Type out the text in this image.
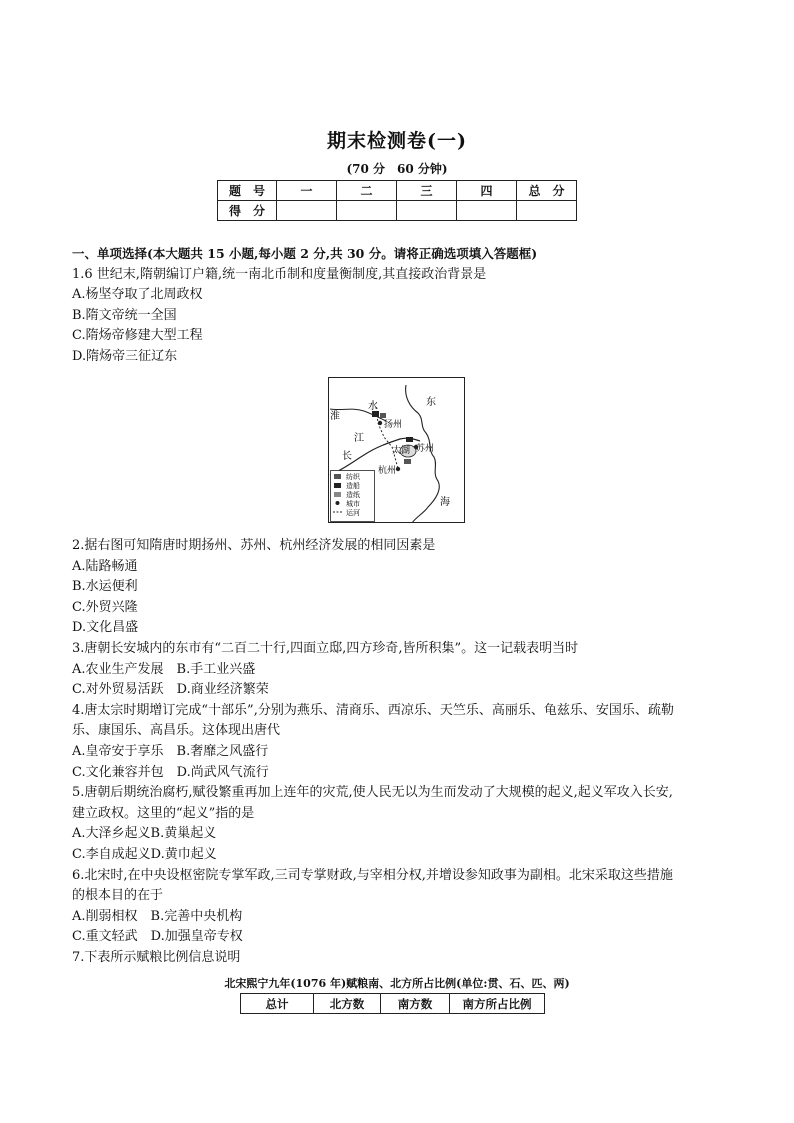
期末检测卷(一)
(70 分　60 分钟)
题　号	一	二	三	四	总　分
得　分					
一、单项选择(本大题共 15 小题,每小题 2 分,共 30 分。请将正确选项填入答题框)
1.6 世纪末,隋朝编订户籍,统一南北币制和度量衡制度,其直接政治背景是
A.杨坚夺取了北周政权
B.隋文帝统一全国
C.隋炀帝修建大型工程
D.隋炀帝三征辽东
淮
水	东
扬州
江
长	太湖 苏州
杭州
海
纺织
造船
造纸
城市
运河
2.据右图可知隋唐时期扬州、苏州、杭州经济发展的相同因素是
A.陆路畅通
B.水运便利
C.外贸兴隆
D.文化昌盛
3.唐朝长安城内的东市有“二百二十行,四面立邸,四方珍奇,皆所积集”。这一记载表明当时
A.农业生产发展　B.手工业兴盛
C.对外贸易活跃　D.商业经济繁荣
4.唐太宗时期增订完成“十部乐”,分别为燕乐、清商乐、西凉乐、天竺乐、高丽乐、龟兹乐、安国乐、疏勒
乐、康国乐、高昌乐。这体现出唐代
A.皇帝安于享乐　B.奢靡之风盛行
C.文化兼容并包　D.尚武风气流行
5.唐朝后期统治腐朽,赋役繁重再加上连年的灾荒,使人民无以为生而发动了大规模的起义,起义军攻入长安,
建立政权。这里的“起义”指的是
A.大泽乡起义B.黄巢起义
C.李自成起义D.黄巾起义
6.北宋时,在中央设枢密院专掌军政,三司专掌财政,与宰相分权,并增设参知政事为副相。北宋采取这些措施
的根本目的在于
A.削弱相权　B.完善中央机构
C.重文轻武　D.加强皇帝专权
7.下表所示赋粮比例信息说明
北宋熙宁九年(1076 年)赋粮南、北方所占比例(单位:贯、石、匹、两)
总计	北方数	南方数	南方所占比例
